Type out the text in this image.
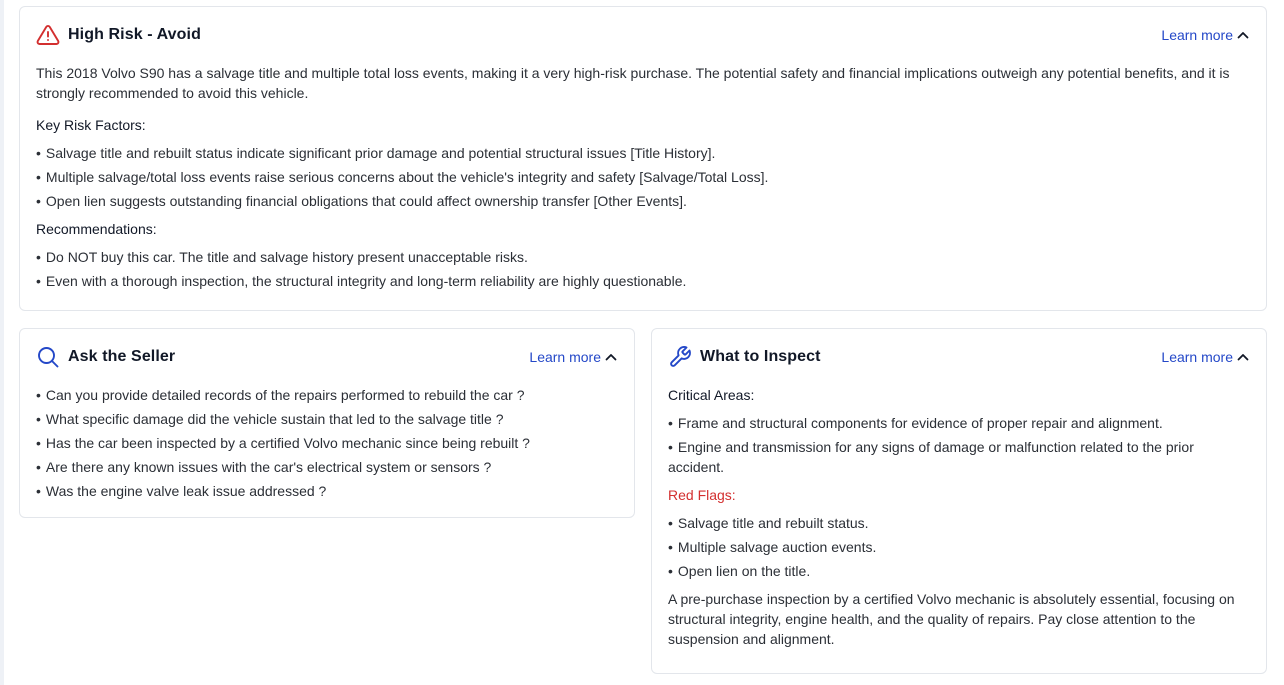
High Risk - Avoid	Learn more

This 2018 Volvo S90 has a salvage title and multiple total loss events, making it a very high-risk purchase. The potential safety and financial implications outweigh any potential benefits, and it is strongly recommended to avoid this vehicle.

Key Risk Factors:
• Salvage title and rebuilt status indicate significant prior damage and potential structural issues [Title History].
• Multiple salvage/total loss events raise serious concerns about the vehicle's integrity and safety [Salvage/Total Loss].
• Open lien suggests outstanding financial obligations that could affect ownership transfer [Other Events].
Recommendations:
• Do NOT buy this car. The title and salvage history present unacceptable risks.
• Even with a thorough inspection, the structural integrity and long-term reliability are highly questionable.
Ask the Seller	Learn more
• Can you provide detailed records of the repairs performed to rebuild the car ?
• What specific damage did the vehicle sustain that led to the salvage title ?
• Has the car been inspected by a certified Volvo mechanic since being rebuilt ?
• Are there any known issues with the car's electrical system or sensors ?
• Was the engine valve leak issue addressed ?
What to Inspect	Learn more
Critical Areas:
• Frame and structural components for evidence of proper repair and alignment.
• Engine and transmission for any signs of damage or malfunction related to the prior accident.
Red Flags:
• Salvage title and rebuilt status.
• Multiple salvage auction events.
• Open lien on the title.

A pre-purchase inspection by a certified Volvo mechanic is absolutely essential, focusing on structural integrity, engine health, and the quality of repairs. Pay close attention to the suspension and alignment.
